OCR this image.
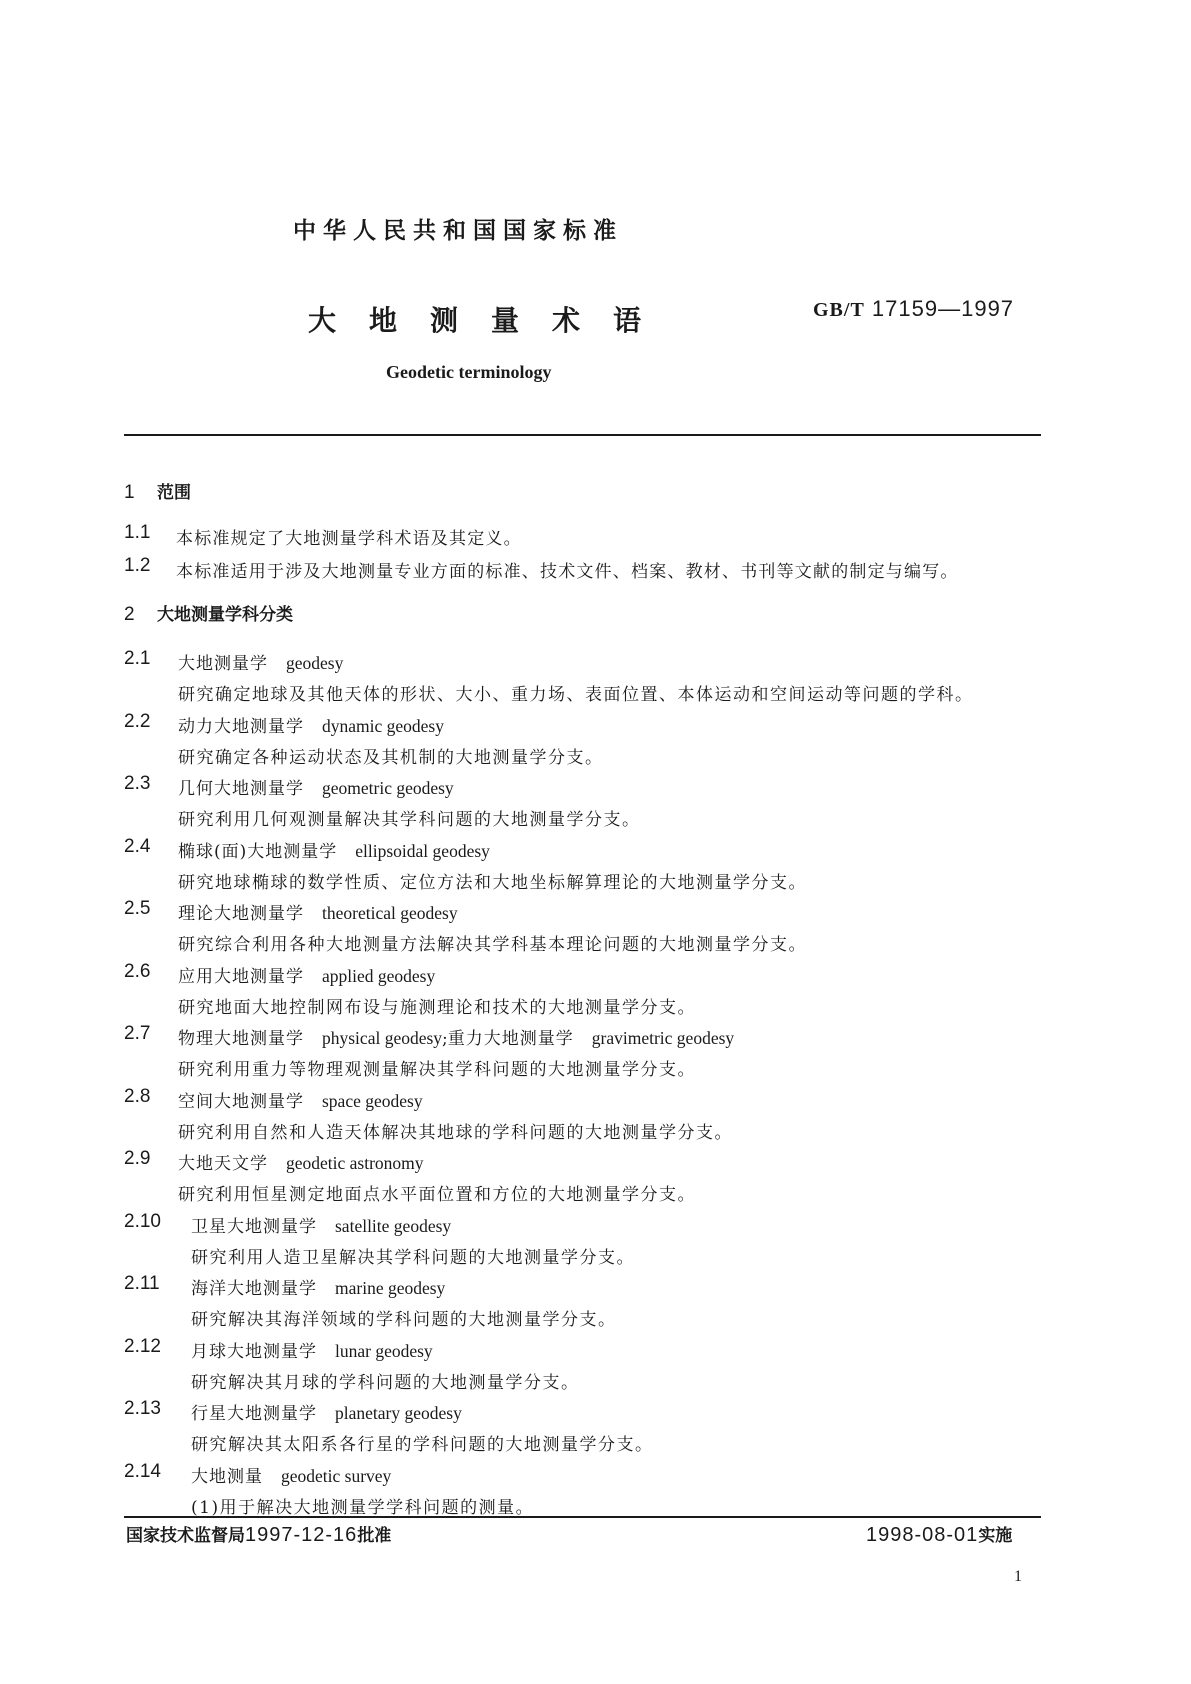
中华人民共和国国家标准
大地测量术语	GB/T 17159—1997
Geodetic terminology
1 范围
1.1 本标准规定了大地测量学科术语及其定义。
1.2 本标准适用于涉及大地测量专业方面的标准、技术文件、档案、教材、书刊等文献的制定与编写。
2 大地测量学科分类
2.1 大地测量学 geodesy
研究确定地球及其他天体的形状、大小、重力场、表面位置、本体运动和空间运动等问题的学科。
2.2 动力大地测量学 dynamic geodesy
研究确定各种运动状态及其机制的大地测量学分支。
2.3 几何大地测量学 geometric geodesy
研究利用几何观测量解决其学科问题的大地测量学分支。
2.4 椭球(面)大地测量学 ellipsoidal geodesy
研究地球椭球的数学性质、定位方法和大地坐标解算理论的大地测量学分支。
2.5 理论大地测量学 theoretical geodesy
研究综合利用各种大地测量方法解决其学科基本理论问题的大地测量学分支。
2.6 应用大地测量学 applied geodesy
研究地面大地控制网布设与施测理论和技术的大地测量学分支。
2.7 物理大地测量学 physical geodesy;重力大地测量学 gravimetric geodesy
研究利用重力等物理观测量解决其学科问题的大地测量学分支。
2.8 空间大地测量学 space geodesy
研究利用自然和人造天体解决其地球的学科问题的大地测量学分支。
2.9 大地天文学 geodetic astronomy
研究利用恒星测定地面点水平面位置和方位的大地测量学分支。
2.10 卫星大地测量学 satellite geodesy
研究利用人造卫星解决其学科问题的大地测量学分支。
2.11 海洋大地测量学 marine geodesy
研究解决其海洋领域的学科问题的大地测量学分支。
2.12 月球大地测量学 lunar geodesy
研究解决其月球的学科问题的大地测量学分支。
2.13 行星大地测量学 planetary geodesy
研究解决其太阳系各行星的学科问题的大地测量学分支。
2.14 大地测量 geodetic survey
(1)用于解决大地测量学学科问题的测量。
国家技术监督局1997-12-16批准	1998-08-01实施
1
